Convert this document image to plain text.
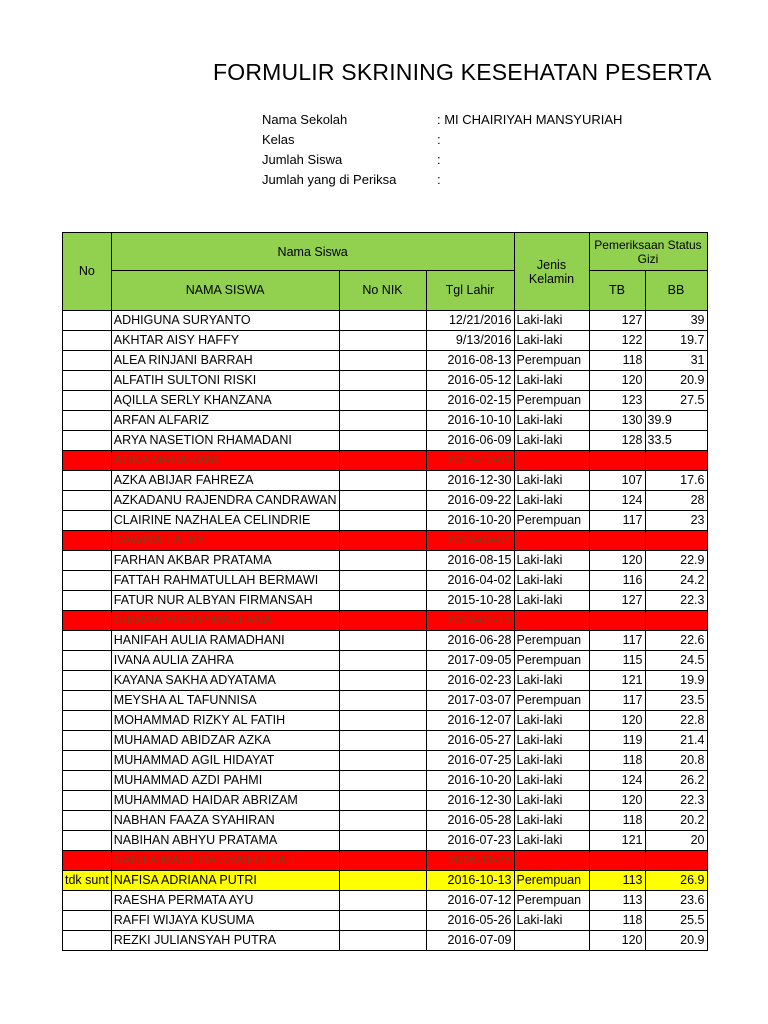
FORMULIR SKRINING KESEHATAN PESERTA
Nama Sekolah	: MI CHAIRIYAH MANSYURIAH
Kelas	:
Jumlah Siswa	:
Jumlah yang di Periksa	:
No	Nama Siswa			Jenis Kelamin	Pemeriksaan Status Gizi	
					TB	BB
	NAMA SISWA	No NIK	Tgl Lahir			
	ADHIGUNA SURYANTO		12/21/2016	Laki-laki	127	39
	AKHTAR AISY HAFFY		9/13/2016	Laki-laki	122	19.7
	ALEA RINJANI BARRAH		2016-08-13	Perempuan	118	31
	ALFATIH SULTONI RISKI		2016-05-12	Laki-laki	120	20.9
	AQILLA SERLY KHANZANA		2016-02-15	Perempuan	123	27.5
	ARFAN ALFARIZ		2016-10-10	Laki-laki	130	39.9
	ARYA NASETION RHAMADANI		2016-06-09	Laki-laki	128	33.5
	ATIKA MAHARANI		2015-12-01			
	AZKA ABIJAR FAHREZA		2016-12-30	Laki-laki	107	17.6
	AZKADANU RAJENDRA CANDRAWAN		2016-09-22	Laki-laki	124	28
	CLAIRINE NAZHALEA CELINDRIE		2016-10-20	Perempuan	117	23
	DAWIYAH ALBY		2016-09-04			
	FARHAN AKBAR PRATAMA		2016-08-15	Laki-laki	120	22.9
	FATTAH RAHMATULLAH BERMAWI		2016-04-02	Laki-laki	116	24.2
	FATUR NUR ALBYAN FIRMANSAH		2015-10-28	Laki-laki	127	22.3
	GIBRAN YUSUP MAULANA		2016-04-15			
	HANIFAH AULIA RAMADHANI		2016-06-28	Perempuan	117	22.6
	IVANA AULIA ZAHRA		2017-09-05	Perempuan	115	24.5
	KAYANA SAKHA ADYATAMA		2016-02-23	Laki-laki	121	19.9
	MEYSHA AL TAFUNNISA		2017-03-07	Perempuan	117	23.5
	MOHAMMAD RIZKY AL FATIH		2016-12-07	Laki-laki	120	22.8
	MUHAMAD ABIDZAR AZKA		2016-05-27	Laki-laki	119	21.4
	MUHAMMAD AGIL HIDAYAT		2016-07-25	Laki-laki	118	20.8
	MUHAMMAD AZDI PAHMI		2016-10-20	Laki-laki	124	26.2
	MUHAMMAD HAIDAR ABRIZAM		2016-12-30	Laki-laki	120	22.3
	NABHAN FAAZA SYAHIRAN		2016-05-28	Laki-laki	118	20.2
	NABIHAN ABHYU PRATAMA		2016-07-23	Laki-laki	121	20
	NABILA MAULIDA SYAIFULLAH		2016-11-25			
tdk sunt	NAFISA ADRIANA PUTRI		2016-10-13	Perempuan	113	26.9
	RAESHA PERMATA AYU		2016-07-12	Perempuan	113	23.6
	RAFFI WIJAYA KUSUMA		2016-05-26	Laki-laki	118	25.5
	REZKI JULIANSYAH PUTRA		2016-07-09		120	20.9
